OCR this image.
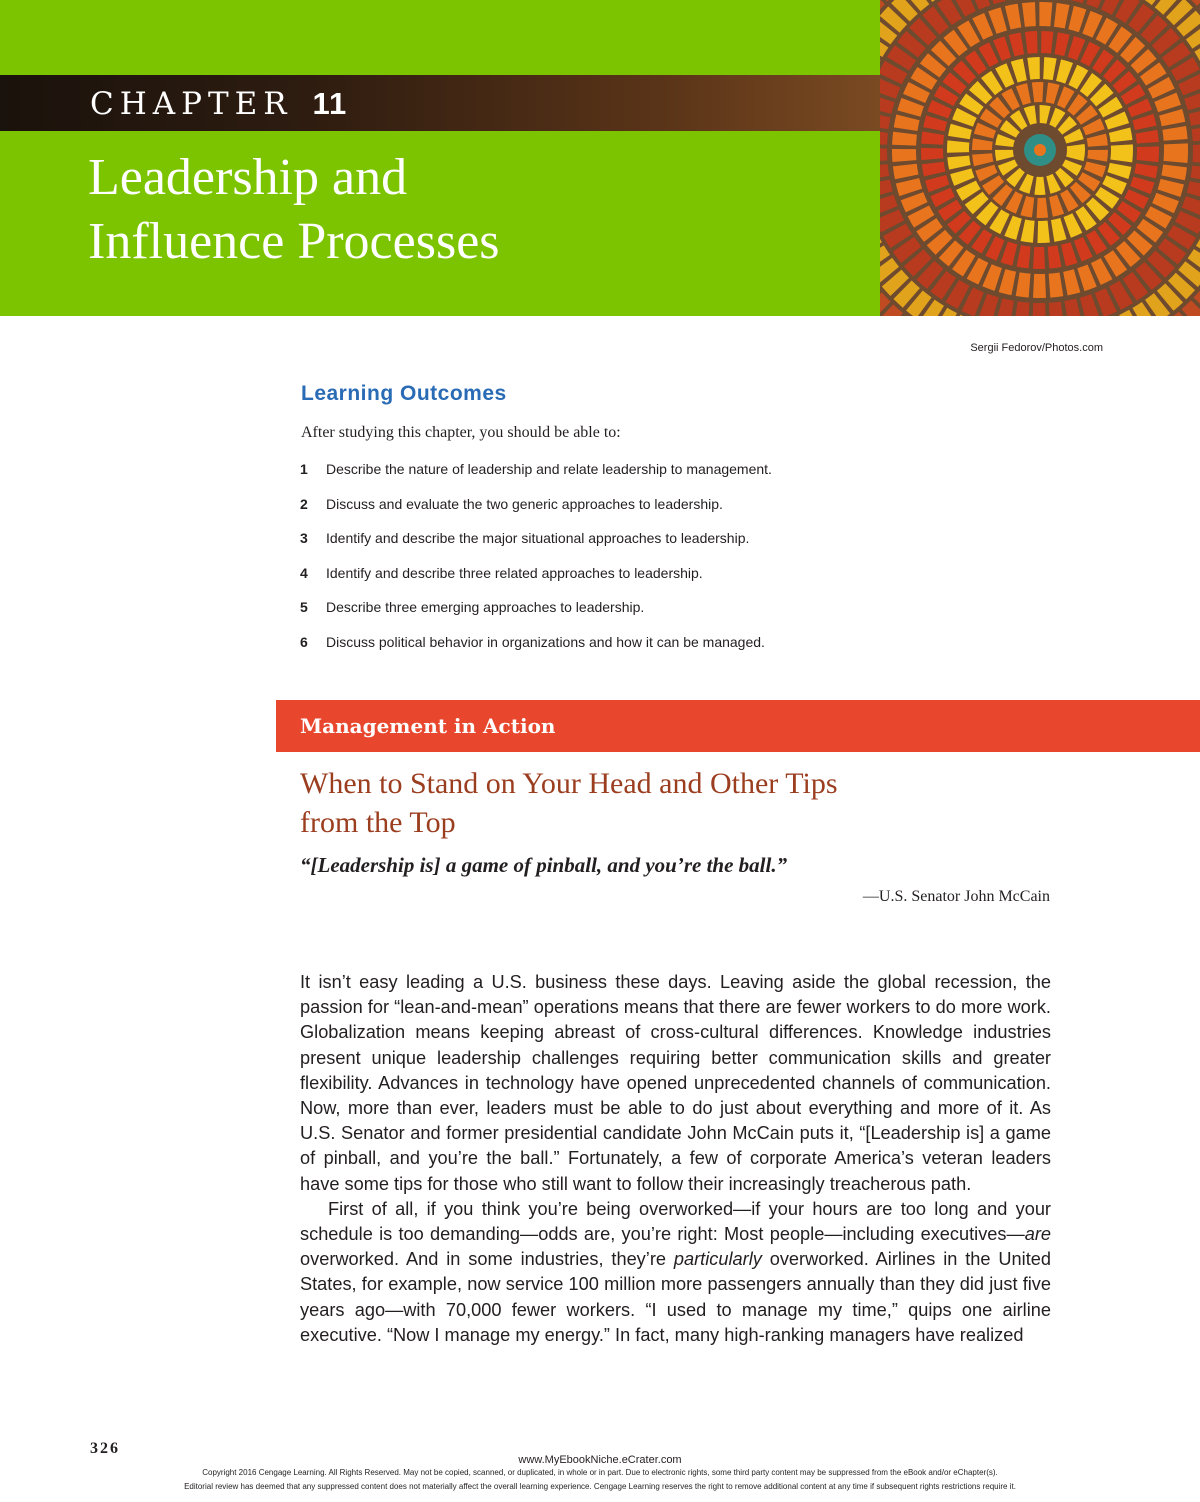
CHAPTER 11
Leadership and
Influence Processes
Sergii Fedorov/Photos.com
Learning Outcomes
After studying this chapter, you should be able to:
1 Describe the nature of leadership and relate leadership to management.
2 Discuss and evaluate the two generic approaches to leadership.
3 Identify and describe the major situational approaches to leadership.
4 Identify and describe three related approaches to leadership.
5 Describe three emerging approaches to leadership.
6 Discuss political behavior in organizations and how it can be managed.
Management in Action
When to Stand on Your Head and Other Tips
from the Top
“[Leadership is] a game of pinball, and you’re the ball.”
—U.S. Senator John McCain

It isn’t easy leading a U.S. business these days. Leaving aside the global recession, the passion for “lean-and-mean” operations means that there are fewer workers to do more work. Globalization means keeping abreast of cross-cultural differences. Knowledge industries present unique leadership challenges requiring better communication skills and greater flexibility. Advances in technology have opened unprecedented channels of communication. Now, more than ever, leaders must be able to do just about everything and more of it. As U.S. Senator and former presidential candidate John McCain puts it, “[Leadership is] a game of pinball, and you’re the ball.” Fortunately, a few of corporate America’s veteran leaders have some tips for those who still want to follow their increasingly treacherous path.

First of all, if you think you’re being overworked—if your hours are too long and your schedule is too demanding—odds are, you’re right: Most people—including executives—are overworked. And in some industries, they’re particularly overworked. Airlines in the United States, for example, now service 100 million more passengers annually than they did just five years ago—with 70,000 fewer workers. “I used to manage my time,” quips one airline executive. “Now I manage my energy.” In fact, many high-ranking managers have realized

326
www.MyEbookNiche.eCrater.com
Copyright 2016 Cengage Learning. All Rights Reserved. May not be copied, scanned, or duplicated, in whole or in part. Due to electronic rights, some third party content may be suppressed from the eBook and/or eChapter(s).
Editorial review has deemed that any suppressed content does not materially affect the overall learning experience. Cengage Learning reserves the right to remove additional content at any time if subsequent rights restrictions require it.
